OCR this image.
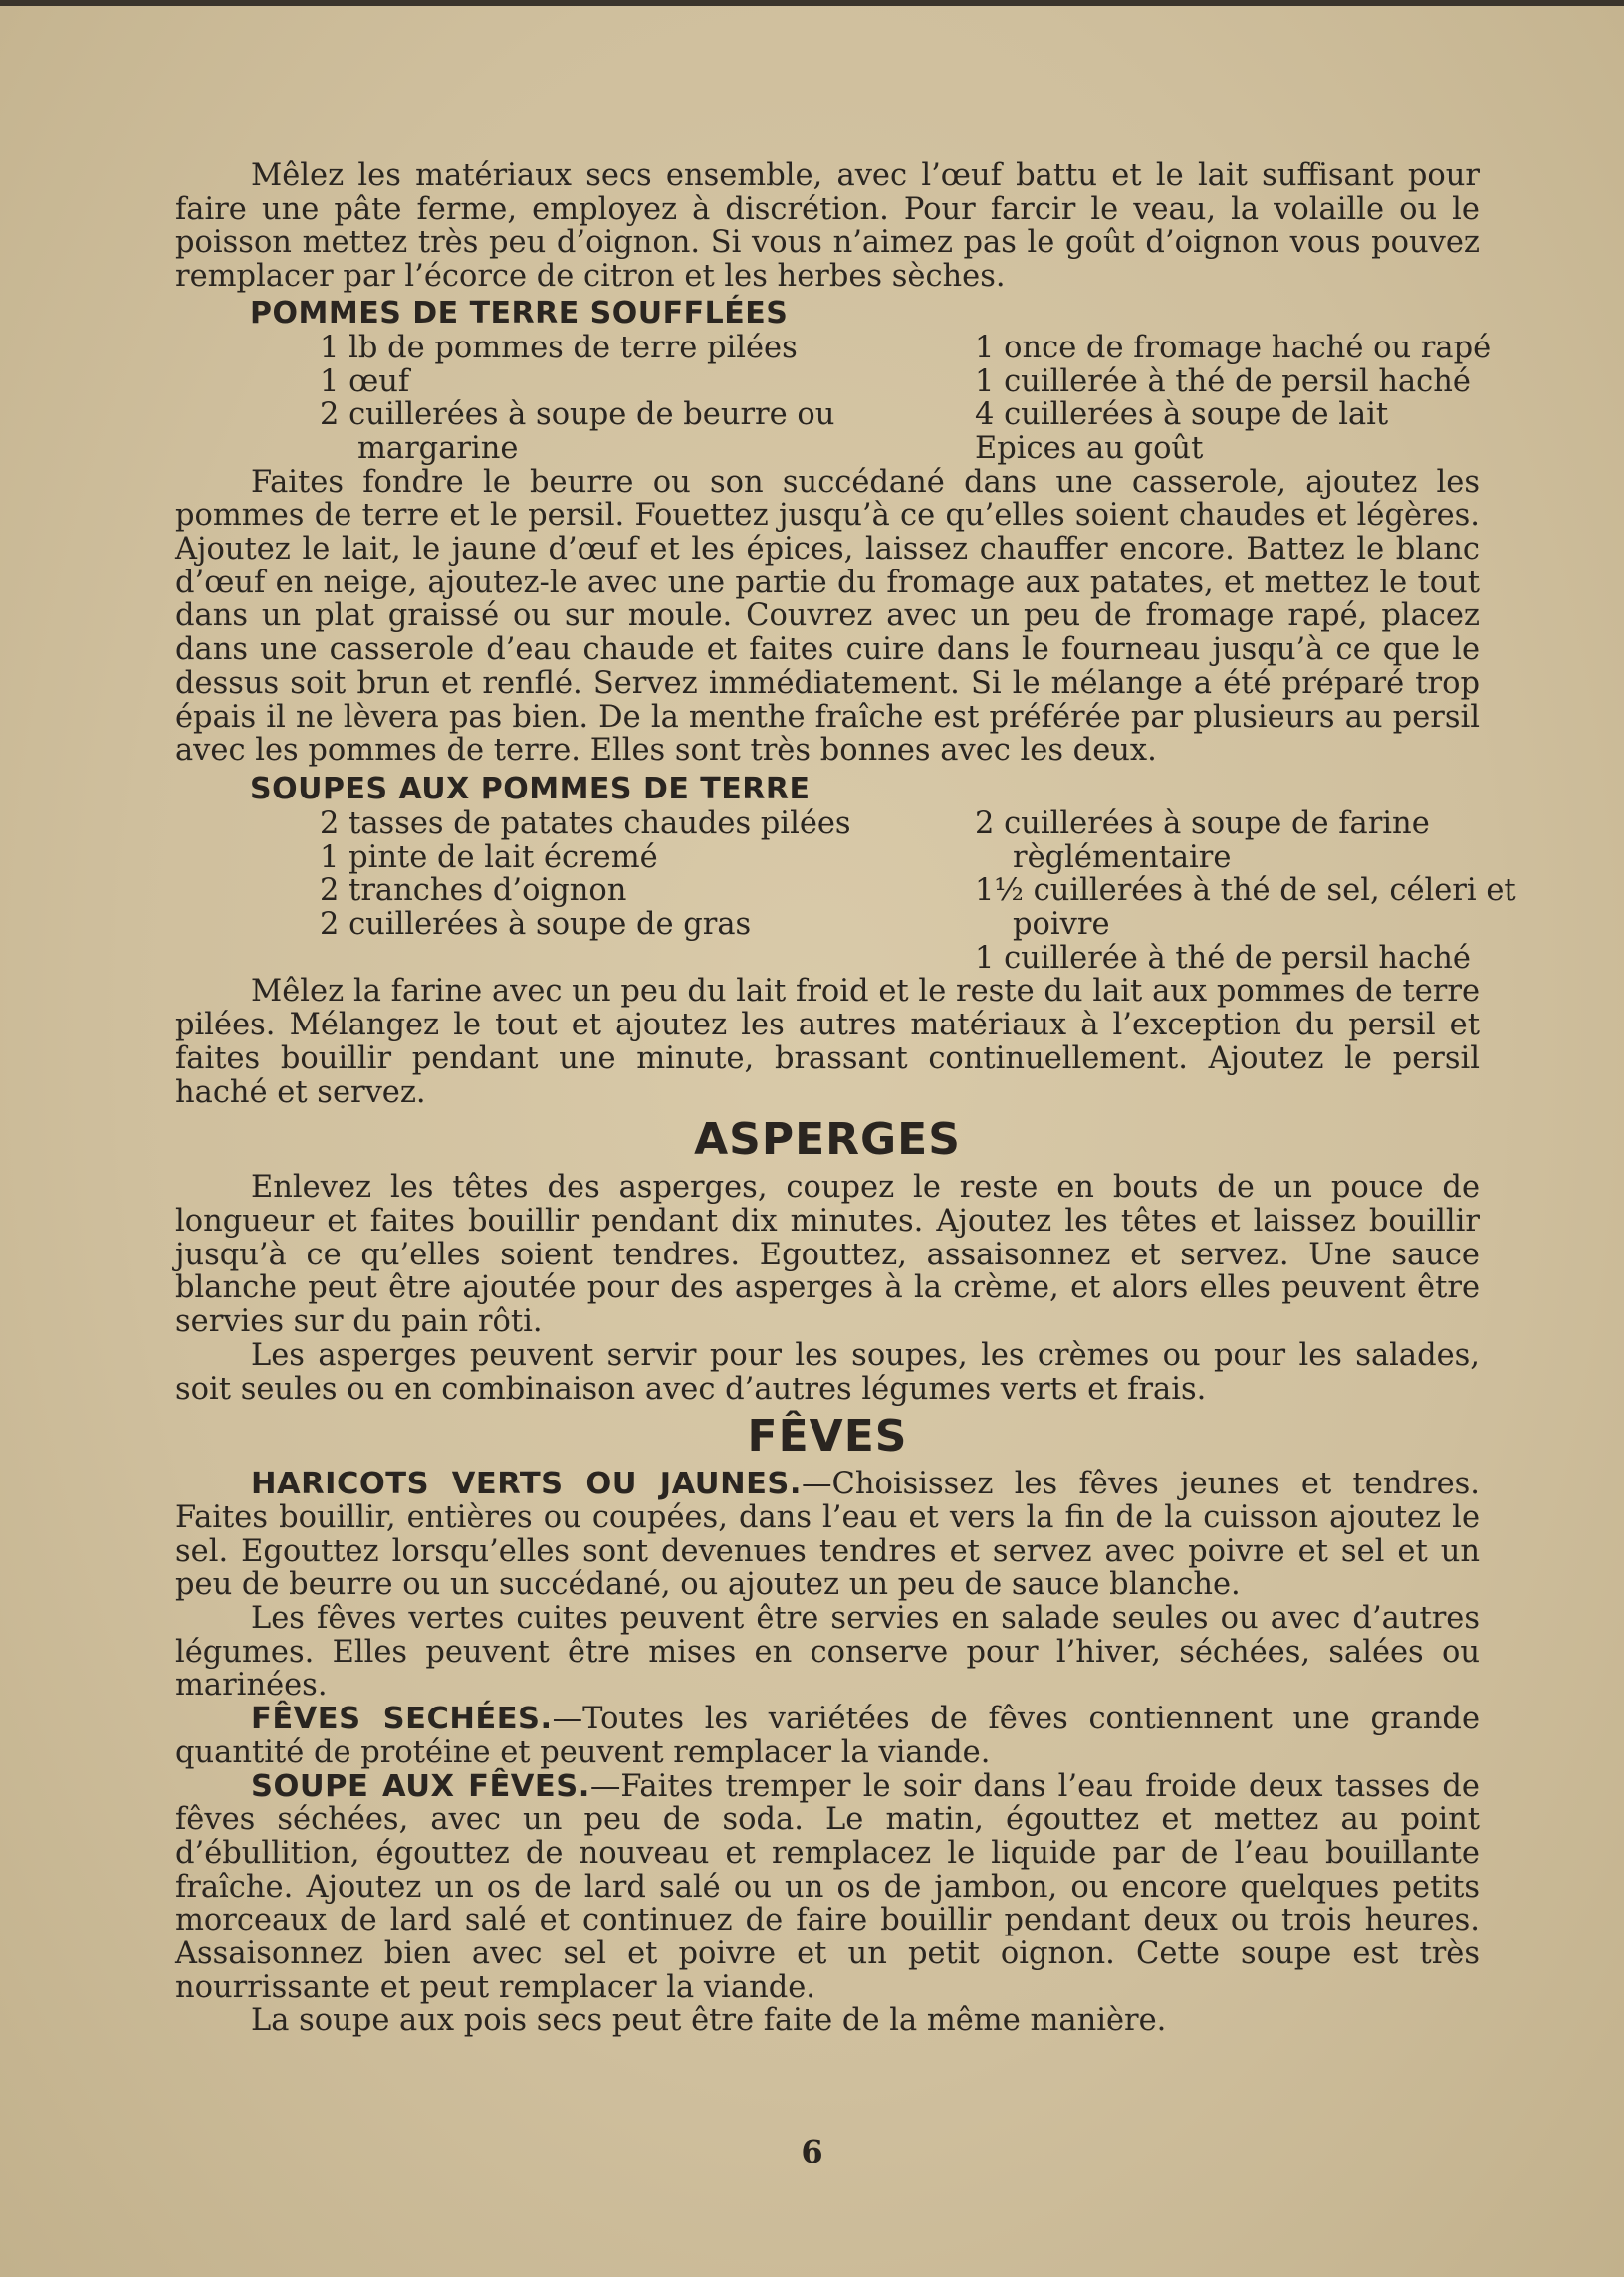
Mêlez les matériaux secs ensemble, avec l’œuf battu et le lait suffisant pour faire une pâte ferme, employez à discrétion. Pour farcir le veau, la volaille ou le poisson mettez très peu d’oignon. Si vous n’aimez pas le goût d’oignon vous pouvez remplacer par l’écorce de citron et les herbes sèches.

POMMES DE TERRE SOUFFLÉES
1 lb de pommes de terre pilées
1 œuf
2 cuillerées à soupe de beurre ou margarine
1 once de fromage haché ou rapé
1 cuillerée à thé de persil haché
4 cuillerées à soupe de lait
Epices au goût

Faites fondre le beurre ou son succédané dans une casserole, ajoutez les pommes de terre et le persil. Fouettez jusqu’à ce qu’elles soient chaudes et légères. Ajoutez le lait, le jaune d’œuf et les épices, laissez chauffer encore. Battez le blanc d’œuf en neige, ajoutez-le avec une partie du fromage aux patates, et mettez le tout dans un plat graissé ou sur moule. Couvrez avec un peu de fromage rapé, placez dans une casserole d’eau chaude et faites cuire dans le fourneau jusqu’à ce que le dessus soit brun et renflé. Servez immédiatement. Si le mélange a été préparé trop épais il ne lèvera pas bien. De la menthe fraîche est préférée par plusieurs au persil avec les pommes de terre. Elles sont très bonnes avec les deux.

SOUPES AUX POMMES DE TERRE
2 tasses de patates chaudes pilées
1 pinte de lait écremé
2 tranches d’oignon
2 cuillerées à soupe de gras
2 cuillerées à soupe de farine règlémentaire
1½ cuillerées à thé de sel, céleri et poivre
1 cuillerée à thé de persil haché

Mêlez la farine avec un peu du lait froid et le reste du lait aux pommes de terre pilées. Mélangez le tout et ajoutez les autres matériaux à l’exception du persil et faites bouillir pendant une minute, brassant continuellement. Ajoutez le persil haché et servez.

ASPERGES

Enlevez les têtes des asperges, coupez le reste en bouts de un pouce de longueur et faites bouillir pendant dix minutes. Ajoutez les têtes et laissez bouillir jusqu’à ce qu’elles soient tendres. Egouttez, assaisonnez et servez. Une sauce blanche peut être ajoutée pour des asperges à la crème, et alors elles peuvent être servies sur du pain rôti.

Les asperges peuvent servir pour les soupes, les crèmes ou pour les salades, soit seules ou en combinaison avec d’autres légumes verts et frais.

FÊVES

HARICOTS VERTS OU JAUNES.—Choisissez les fêves jeunes et tendres. Faites bouillir, entières ou coupées, dans l’eau et vers la fin de la cuisson ajoutez le sel. Egouttez lorsqu’elles sont devenues tendres et servez avec poivre et sel et un peu de beurre ou un succédané, ou ajoutez un peu de sauce blanche.

Les fêves vertes cuites peuvent être servies en salade seules ou avec d’autres légumes. Elles peuvent être mises en conserve pour l’hiver, séchées, salées ou marinées.

FÊVES SECHÉES.—Toutes les variétées de fêves contiennent une grande quantité de protéine et peuvent remplacer la viande.

SOUPE AUX FÊVES.—Faites tremper le soir dans l’eau froide deux tasses de fêves séchées, avec un peu de soda. Le matin, égouttez et mettez au point d’ébullition, égouttez de nouveau et remplacez le liquide par de l’eau bouillante fraîche. Ajoutez un os de lard salé ou un os de jambon, ou encore quelques petits morceaux de lard salé et continuez de faire bouillir pendant deux ou trois heures. Assaisonnez bien avec sel et poivre et un petit oignon. Cette soupe est très nourrissante et peut remplacer la viande.

La soupe aux pois secs peut être faite de la même manière.

6
